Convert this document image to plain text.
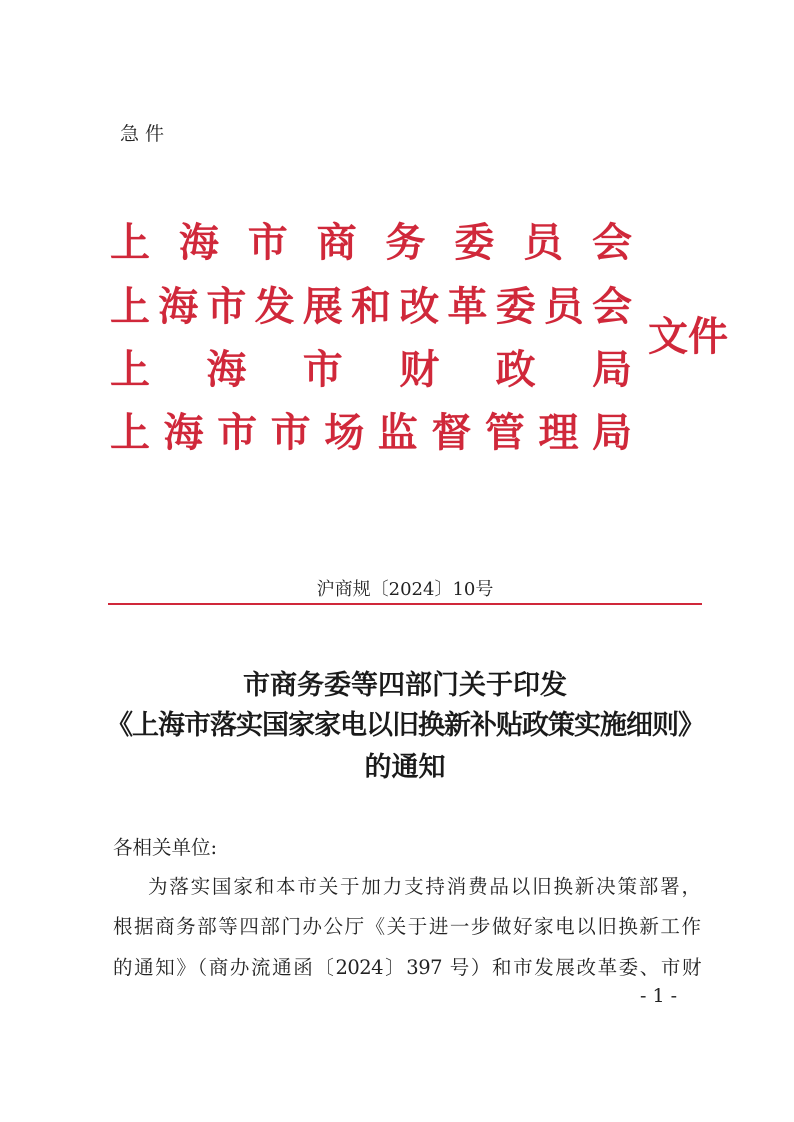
急件
上海市商务委员会
上海市发展和改革委员会
上海市财政局
上海市市场监督管理局
文件
沪商规〔2024〕10号
市商务委等四部门关于印发
《上海市落实国家家电以旧换新补贴政策实施细则》
的通知
各相关单位:
为落实国家和本市关于加力支持消费品以旧换新决策部署，
根据商务部等四部门办公厅《关于进一步做好家电以旧换新工作
的通知》（商办流通函〔2024〕397 号）和市发展改革委、市财
- 1 -
